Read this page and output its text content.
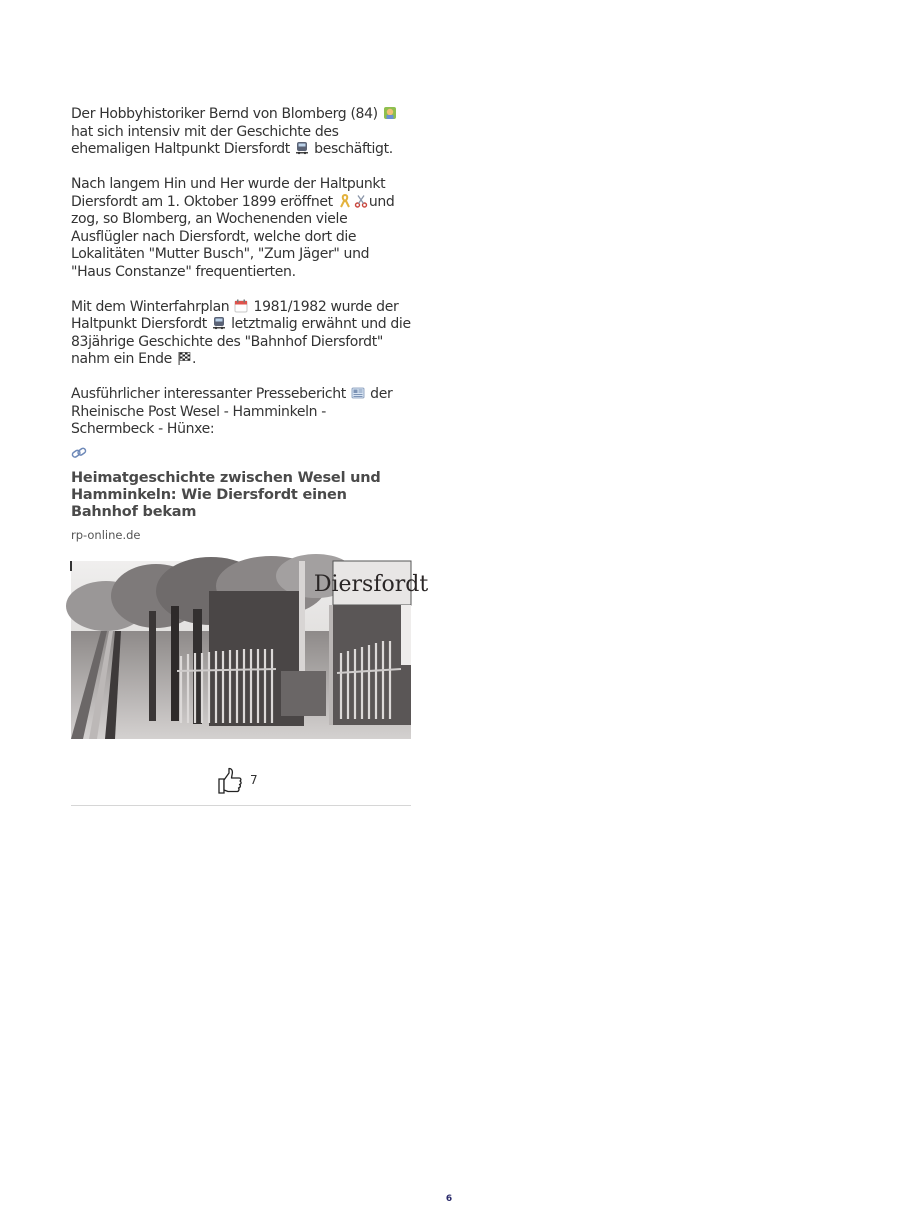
Der Hobbyhistoriker Bernd von Blomberg (84)  hat sich intensiv mit der Geschichte des ehemaligen Haltpunkt Diersfordt beschäftigt.

Nach langem Hin und Her wurde der Haltpunkt Diersfordt am 1. Oktober 1899 eröffnet	und zog, so Blomberg, an Wochenenden viele Ausflügler nach Diersfordt, welche dort die Lokalitäten "Mutter Busch", "Zum Jäger" und "Haus Constanze" frequentierten.

Mit dem Winterfahrplan 1981/1982 wurde der Haltpunkt Diersfordt letztmalig erwähnt und die 83jährige Geschichte des "Bahnhof Diersfordt" nahm ein Ende .

Ausführlicher interessanter Pressebericht der Rheinische Post Wesel - Hamminkeln - Schermbeck - Hünxe:

Heimatgeschichte zwischen Wesel und Hamminkeln: Wie Diersfordt einen Bahnhof bekam
rp-online.de
Diersfordt
7
6
